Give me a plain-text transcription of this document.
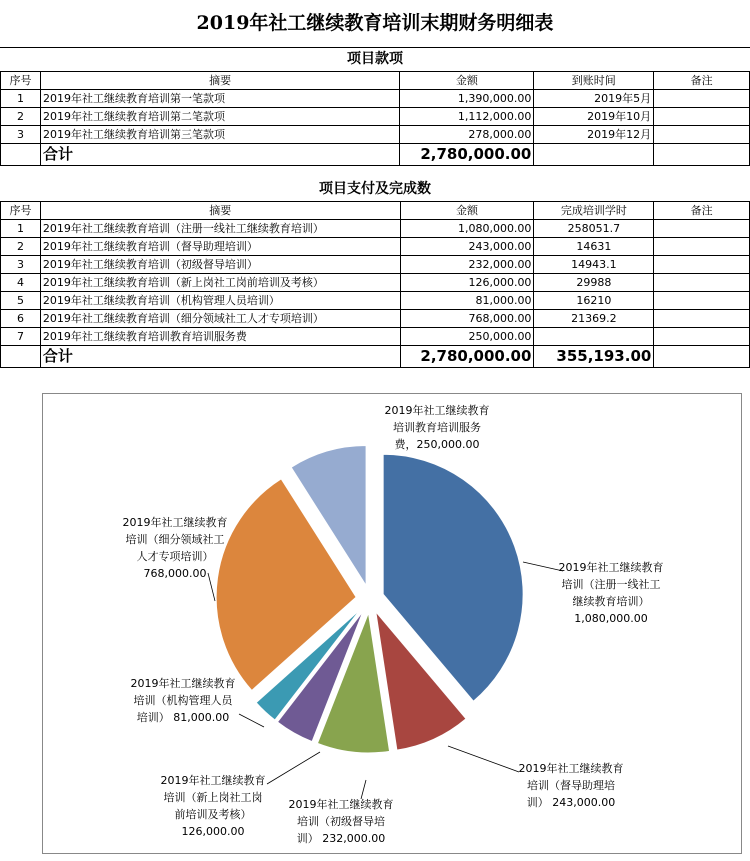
2019年社工继续教育培训末期财务明细表
项目款项
序号	摘要	金额	到账时间	备注
1	2019年社工继续教育培训第一笔款项	1,390,000.00	2019年5月	
2	2019年社工继续教育培训第二笔款项	1,112,000.00	2019年10月	
3	2019年社工继续教育培训第三笔款项	278,000.00	2019年12月	
	合计	2,780,000.00		
项目支付及完成数
序号	摘要	金额	完成培训学时	备注
1	2019年社工继续教育培训（注册一线社工继续教育培训）	1,080,000.00	258051.7	
2	2019年社工继续教育培训（督导助理培训）	243,000.00	14631	
3	2019年社工继续教育培训（初级督导培训）	232,000.00	14943.1	
4	2019年社工继续教育培训（新上岗社工岗前培训及考核）	126,000.00	29988	
5	2019年社工继续教育培训（机构管理人员培训）	81,000.00	16210	
6	2019年社工继续教育培训（细分领域社工人才专项培训）	768,000.00	21369.2	
7	2019年社工继续教育培训教育培训服务费	250,000.00		
	合计	2,780,000.00	355,193.00	
2019年社工继续教育培训（注册一线社工继续教育培训） 1,080,000.00
2019年社工继续教育培训（督导助理培训） 243,000.00
2019年社工继续教育培训（初级督导培训） 232,000.00
2019年社工继续教育培训（新上岗社工岗前培训及考核） 126,000.00
2019年社工继续教育培训（机构管理人员培训） 81,000.00
2019年社工继续教育培训（细分领域社工人才专项培训） 768,000.00
2019年社工继续教育培训教育培训服务费，250,000.00
